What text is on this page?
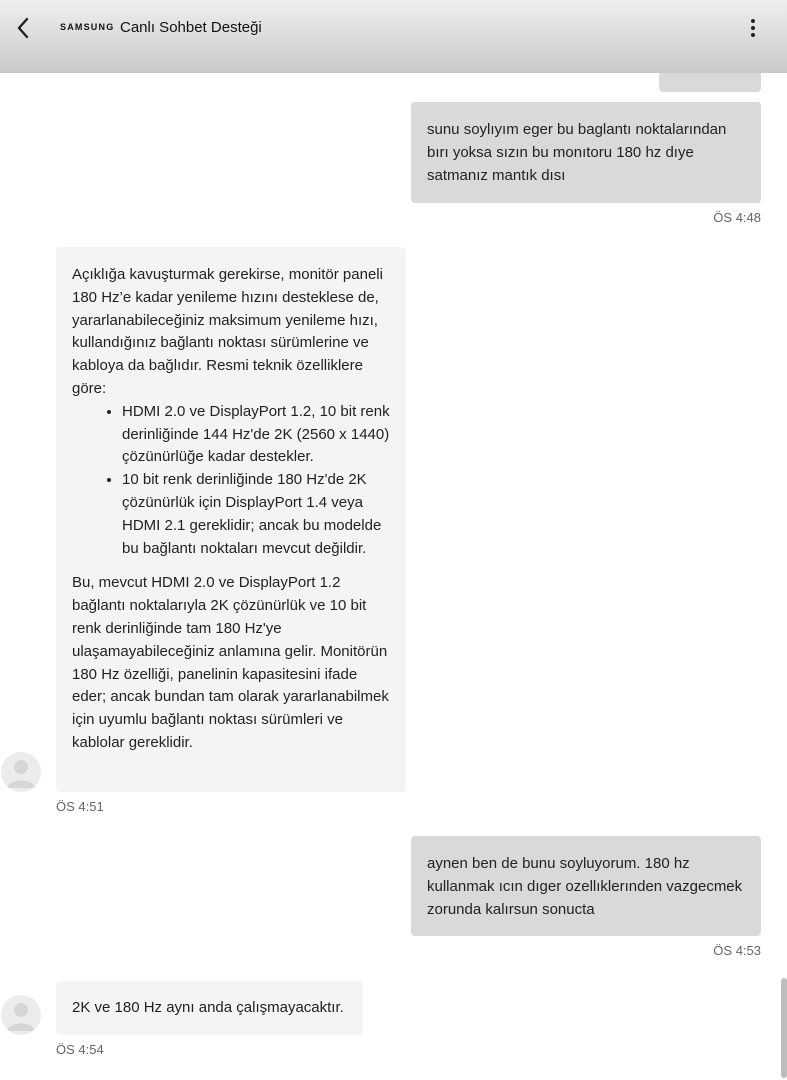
SAMSUNG Canlı Sohbet Desteği
sunu soylıyım eger bu baglantı noktalarından bırı yoksa sızın bu monıtoru 180 hz dıye satmanız mantık dısı
ÖS 4:48
Açıklığa kavuşturmak gerekirse, monitör paneli 180 Hz’e kadar yenileme hızını desteklese de, yararlanabileceğiniz maksimum yenileme hızı, kullandığınız bağlantı noktası sürümlerine ve kabloya da bağlıdır. Resmi teknik özelliklere göre:
• HDMI 2.0 ve DisplayPort 1.2, 10 bit renk derinliğinde 144 Hz'de 2K (2560 x 1440) çözünürlüğe kadar destekler.
• 10 bit renk derinliğinde 180 Hz'de 2K çözünürlük için DisplayPort 1.4 veya HDMI 2.1 gereklidir; ancak bu modelde bu bağlantı noktaları mevcut değildir.
Bu, mevcut HDMI 2.0 ve DisplayPort 1.2 bağlantı noktalarıyla 2K çözünürlük ve 10 bit renk derinliğinde tam 180 Hz'ye ulaşamayabileceğiniz anlamına gelir. Monitörün 180 Hz özelliği, panelinin kapasitesini ifade eder; ancak bundan tam olarak yararlanabilmek için uyumlu bağlantı noktası sürümleri ve kablolar gereklidir.
ÖS 4:51
aynen ben de bunu soyluyorum. 180 hz kullanmak ıcın dıger ozellıklerınden vazgecmek zorunda kalırsun sonucta
ÖS 4:53
2K ve 180 Hz aynı anda çalışmayacaktır.
ÖS 4:54
